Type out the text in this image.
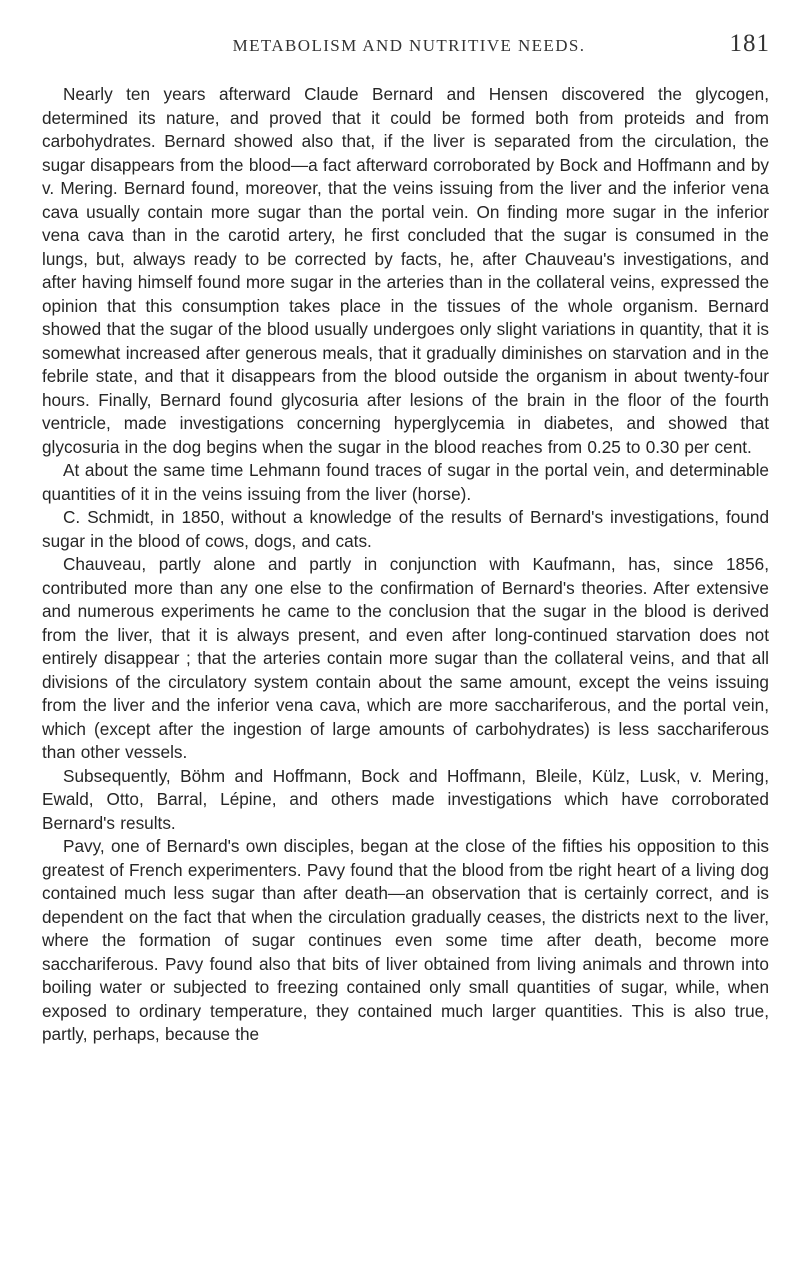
METABOLISM AND NUTRITIVE NEEDS.	181

Nearly ten years afterward Claude Bernard and Hensen discovered the glycogen, determined its nature, and proved that it could be formed both from proteids and from carbohydrates. Bernard showed also that, if the liver is separated from the circulation, the sugar disappears from the blood—a fact afterward corroborated by Bock and Hoffmann and by v. Mering. Bernard found, moreover, that the veins issuing from the liver and the inferior vena cava usually contain more sugar than the portal vein. On finding more sugar in the inferior vena cava than in the carotid artery, he first concluded that the sugar is consumed in the lungs, but, always ready to be corrected by facts, he, after Chauveau's investigations, and after having himself found more sugar in the arteries than in the collateral veins, expressed the opinion that this consumption takes place in the tissues of the whole organism. Bernard showed that the sugar of the blood usually undergoes only slight variations in quantity, that it is somewhat increased after generous meals, that it gradually diminishes on starvation and in the febrile state, and that it disappears from the blood outside the organism in about twenty-four hours. Finally, Bernard found glycosuria after lesions of the brain in the floor of the fourth ventricle, made investigations concerning hyperglycemia in diabetes, and showed that glycosuria in the dog begins when the sugar in the blood reaches from 0.25 to 0.30 per cent.

At about the same time Lehmann found traces of sugar in the portal vein, and determinable quantities of it in the veins issuing from the liver (horse).

C. Schmidt, in 1850, without a knowledge of the results of Bernard's investigations, found sugar in the blood of cows, dogs, and cats.

Chauveau, partly alone and partly in conjunction with Kaufmann, has, since 1856, contributed more than any one else to the confirmation of Bernard's theories. After extensive and numerous experiments he came to the conclusion that the sugar in the blood is derived from the liver, that it is always present, and even after long-continued starvation does not entirely disappear ; that the arteries contain more sugar than the collateral veins, and that all divisions of the circulatory system contain about the same amount, except the veins issuing from the liver and the inferior vena cava, which are more sacchariferous, and the portal vein, which (except after the ingestion of large amounts of carbohydrates) is less sacchariferous than other vessels.

Subsequently, Böhm and Hoffmann, Bock and Hoffmann, Bleile, Külz, Lusk, v. Mering, Ewald, Otto, Barral, Lépine, and others made investigations which have corroborated Bernard's results.

Pavy, one of Bernard's own disciples, began at the close of the fifties his opposition to this greatest of French experimenters. Pavy found that the blood from tbe right heart of a living dog contained much less sugar than after death—an observation that is certainly correct, and is dependent on the fact that when the circulation gradually ceases, the districts next to the liver, where the formation of sugar continues even some time after death, become more sacchariferous. Pavy found also that bits of liver obtained from living animals and thrown into boiling water or subjected to freezing contained only small quantities of sugar, while, when exposed to ordinary temperature, they contained much larger quantities. This is also true, partly, perhaps, because the
